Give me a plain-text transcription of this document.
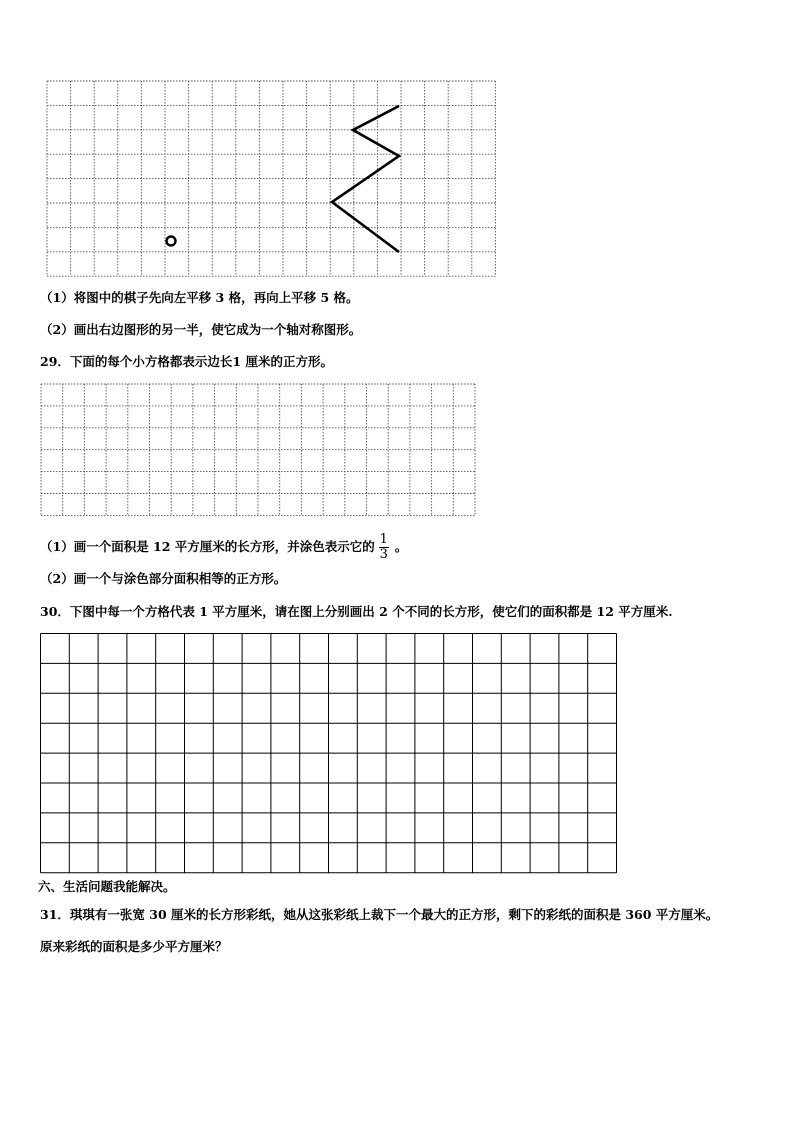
（1）将图中的棋子先向左平移 3 格，再向上平移 5 格。
（2）画出右边图形的另一半，使它成为一个轴对称图形。
29．下面的每个小方格都表示边长1 厘米的正方形。
（1）画一个面积是 12 平方厘米的长方形，并涂色表示它的 $\frac{1}{3}$ 。
（2）画一个与涂色部分面积相等的正方形。
30．下图中每一个方格代表 1 平方厘米，请在图上分别画出 2 个不同的长方形，使它们的面积都是 12 平方厘米.
六、生活问题我能解决。
31．琪琪有一张宽 30 厘米的长方形彩纸，她从这张彩纸上裁下一个最大的正方形，剩下的彩纸的面积是 360 平方厘米。
原来彩纸的面积是多少平方厘米？
